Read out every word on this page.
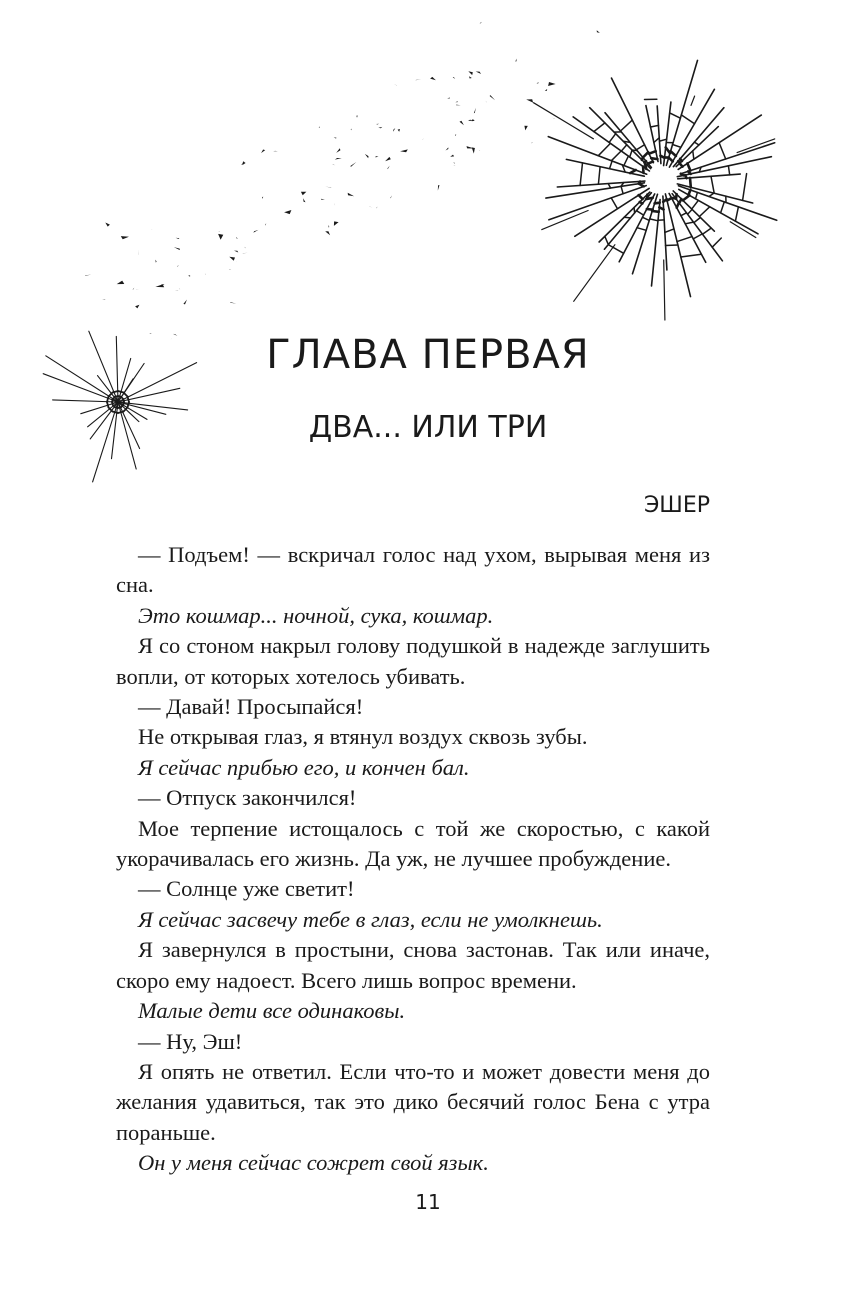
ГЛАВА ПЕРВАЯ
ДВА... ИЛИ ТРИ
ЭШЕР

— Подъем! — вскричал голос над ухом, вырывая меня из сна.

Это кошмар... ночной, сука, кошмар.

Я со стоном накрыл голову подушкой в надежде заглушить вопли, от которых хотелось убивать.

— Давай! Просыпайся!

Не открывая глаз, я втянул воздух сквозь зубы.

Я сейчас прибью его, и кончен бал.

— Отпуск закончился!

Мое терпение истощалось с той же скоростью, с какой укорачивалась его жизнь. Да уж, не лучшее пробуждение.

— Солнце уже светит!

Я сейчас засвечу тебе в глаз, если не умолкнешь.

Я завернулся в простыни, снова застонав. Так или иначе, скоро ему надоест. Всего лишь вопрос времени.

Малые дети все одинаковы.

— Ну, Эш!

Я опять не ответил. Если что-то и может довести меня до желания удавиться, так это дико бесячий голос Бена с утра пораньше.

Он у меня сейчас сожрет свой язык.

11
